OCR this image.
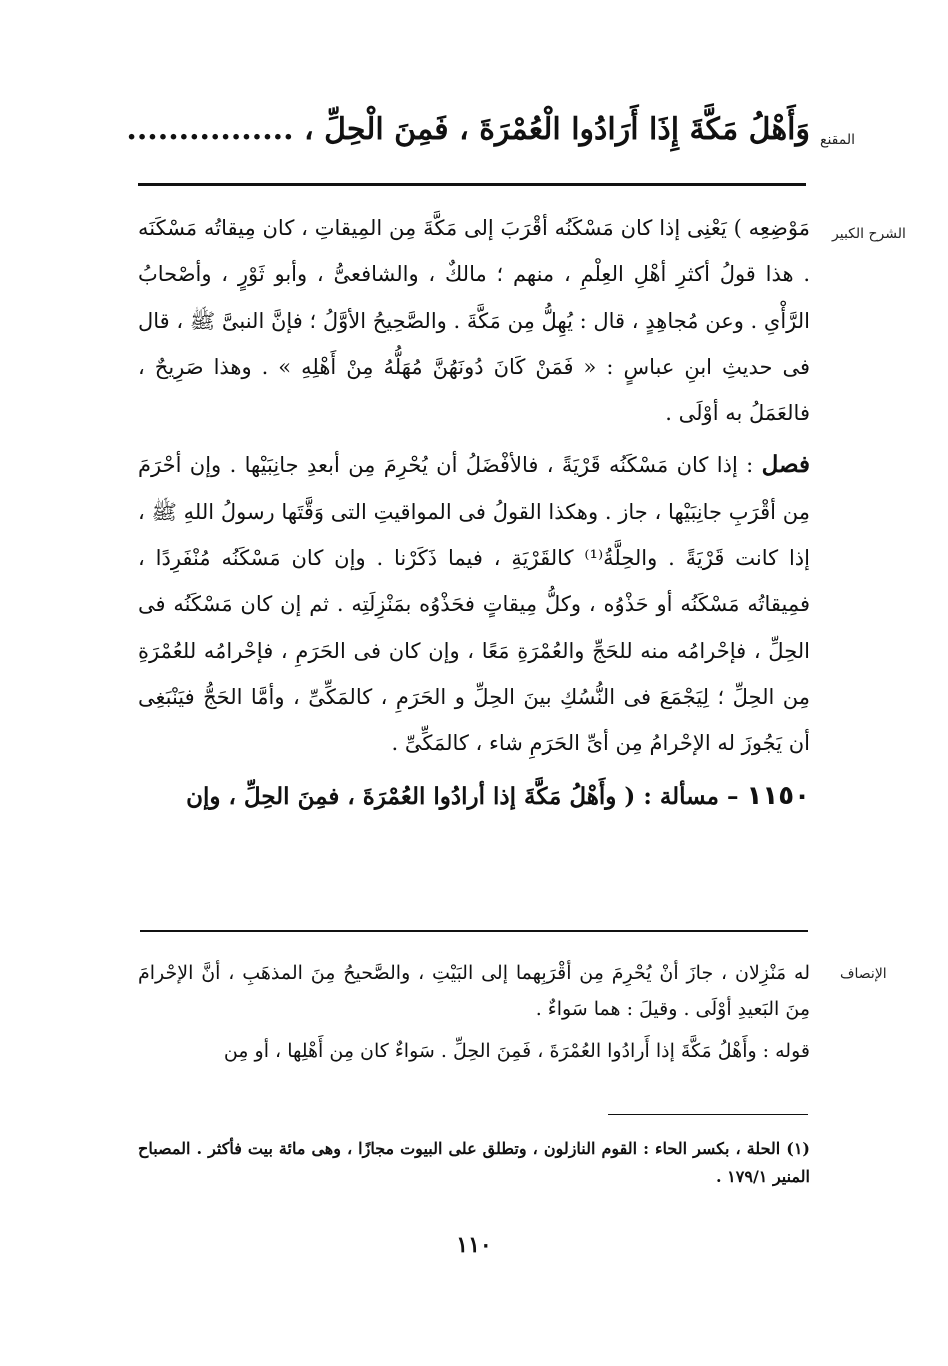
المقنع
وَأَهْلُ مَكَّةَ إِذَا أَرَادُوا الْعُمْرَةَ ، فَمِنَ الْحِلِّ ، ................
الشرح الكبير

مَوْضِعِه ) يَعْنِى إذا كان مَسْكَنُه أقْرَبَ إلى مَكَّةَ مِن المِيقاتِ ، كان مِيقاتُه مَسْكَنَه . هذا قولُ أكثرِ أهْلِ العِلْمِ ، منهم ؛ مالكٌ ، والشافعىُّ ، وأبو ثَوْرٍ ، وأصْحابُ الرَّأْىِ . وعن مُجاهِدٍ ، قال : يُهِلُّ مِن مَكَّةَ . والصَّحِيحُ الأوَّلُ ؛ فإنَّ النبىَّ ﷺ ، قال فى حديثِ ابنِ عباسٍ : « فَمَنْ كَانَ دُونَهُنَّ مُهَلُّهُ مِنْ أَهْلِهِ » . وهذا صَرِيحٌ ، فالعَمَلُ به أوْلَى .

فصل : إذا كان مَسْكَنُه قَرْيَةً ، فالأفْضَلُ أن يُحْرِمَ مِن أبعدِ جانِبَيْها . وإن أحْرَمَ مِن أقْرَبِ جانِبَيْها ، جاز . وهكذا القولُ فى المواقيتِ التى وَقَّتَها رسولُ اللهِ ﷺ ، إذا كانت قَرْيَةً . والحِلَّةُ⁽¹⁾ كالقَرْيَةِ ، فيما ذَكَرْنا . وإن كان مَسْكَنُه مُنْفَرِدًا ، فمِيقاتُه مَسْكَنُه أو حَذْوُه ، وكلُّ مِيقاتٍ فحَذْوُه بمَنْزِلَتِه . ثم إن كان مَسْكَنُه فى الحِلِّ ، فإحْرامُه منه للحَجِّ والعُمْرَةِ مَعًا ، وإن كان فى الحَرَمِ ، فإحْرامُه للعُمْرَةِ مِن الحِلِّ ؛ لِيَجْمَعَ فى النُّسُكِ بينَ الحِلِّ و الحَرَمِ ، كالمَكِّىِّ ، وأمَّا الحَجُّ فيَنْبَغِى أن يَجُوزَ له الإحْرامُ مِن أىِّ الحَرَمِ شاء ، كالمَكِّىِّ .

١١٥٠ – مسألة : ( وأَهْلُ مَكَّةَ إذا أرادُوا العُمْرَةَ ، فمِنَ الحِلِّ ، وإن

الإنصاف

له مَنْزِلان ، جازَ أنْ يُحْرِمَ مِن أقْرَبِهما إلى البَيْتِ ، والصَّحيحُ مِنَ المذهَبِ ، أنَّ الإحْرامَ مِنَ البَعيدِ أوْلَى . وقيلَ : هما سَواءٌ .

قوله : وأَهْلُ مَكَّةَ إذا أَرادُوا العُمْرَةَ ، فَمِنَ الحِلِّ . سَواءٌ كان مِن أَهْلِها ، أو مِن

(١) الحلة ، بكسر الحاء : القوم النازلون ، وتطلق على البيوت مجازًا ، وهى مائة بيت فأكثر . المصباح المنير ١٧٩/١ .
١١٠
